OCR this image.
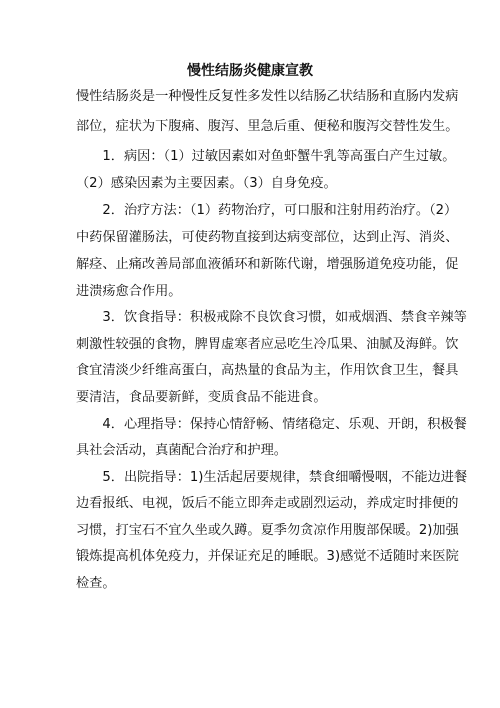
慢性结肠炎健康宣教
慢性结肠炎是一种慢性反复性多发性以结肠乙状结肠和直肠内发病
部位，症状为下腹痛、腹泻、里急后重、便秘和腹泻交替性发生。
　　1．病因：（1）过敏因素如对鱼虾蟹牛乳等高蛋白产生过敏。
（2）感染因素为主要因素。（3）自身免疫。
　　2．治疗方法：（1）药物治疗，可口服和注射用药治疗。（2）
中药保留灌肠法，可使药物直接到达病变部位，达到止泻、消炎、
解痉、止痛改善局部血液循环和新陈代谢，增强肠道免疫功能，促
进溃疡愈合作用。
　　3．饮食指导：积极戒除不良饮食习惯，如戒烟酒、禁食辛辣等
刺激性较强的食物，脾胃虚寒者应忌吃生冷瓜果、油腻及海鲜。饮
食宜清淡少纤维高蛋白，高热量的食品为主，作用饮食卫生，餐具
要清洁，食品要新鲜，变质食品不能进食。
　　4．心理指导：保持心情舒畅、情绪稳定、乐观、开朗，积极餐
具社会活动，真菌配合治疗和护理。
　　5．出院指导：1)生活起居要规律，禁食细嚼慢咽，不能边进餐
边看报纸、电视，饭后不能立即奔走或剧烈运动，养成定时排便的
习惯，打宝石不宜久坐或久蹲。夏季勿贪凉作用腹部保暖。2)加强
锻炼提高机体免疫力，并保证充足的睡眠。3)感觉不适随时来医院
检查。
